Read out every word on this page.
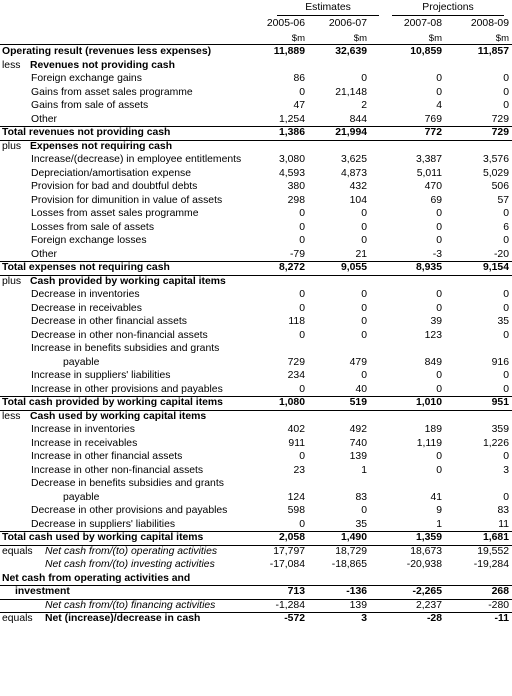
Estimates	Projections
2005-06	2006-07	2007-08	2008-09
$m	$m	$m	$m
Operating result (revenues less expenses)	11,889	32,639	10,859	11,857
less Revenues not providing cash
Foreign exchange gains	86	0	0	0
Gains from asset sales programme	0	21,148	0	0
Gains from sale of assets	47	2	4	0
Other	1,254	844	769	729
Total revenues not providing cash	1,386	21,994	772	729
plus Expenses not requiring cash
Increase/(decrease) in employee entitlements	3,080	3,625	3,387	3,576
Depreciation/amortisation expense	4,593	4,873	5,011	5,029
Provision for bad and doubtful debts	380	432	470	506
Provision for dimunition in value of assets	298	104	69	57
Losses from asset sales programme	0	0	0	0
Losses from sale of assets	0	0	0	6
Foreign exchange losses	0	0	0	0
Other	-79	21	-3	-20
Total expenses not requiring cash	8,272	9,055	8,935	9,154
plus Cash provided by working capital items
Decrease in inventories	0	0	0	0
Decrease in receivables	0	0	0	0
Decrease in other financial assets	118	0	39	35
Decrease in other non-financial assets	0	0	123	0
Increase in benefits subsidies and grants
payable	729	479	849	916
Increase in suppliers' liabilities	234	0	0	0
Increase in other provisions and payables	0	40	0	0
Total cash provided by working capital items	1,080	519	1,010	951
less Cash used by working capital items
Increase in inventories	402	492	189	359
Increase in receivables	911	740	1,119	1,226
Increase in other financial assets	0	139	0	0
Increase in other non-financial assets	23	1	0	3
Decrease in benefits subsidies and grants
payable	124	83	41	0
Decrease in other provisions and payables	598	0	9	83
Decrease in suppliers' liabilities	0	35	1	11
Total cash used by working capital items	2,058	1,490	1,359	1,681
equals Net cash from/(to) operating activities	17,797	18,729	18,673	19,552
Net cash from/(to) investing activities	-17,084	-18,865	-20,938	-19,284
Net cash from operating activities and
investment	713	-136	-2,265	268
Net cash from/(to) financing activities	-1,284	139	2,237	-280
equals Net (increase)/decrease in cash	-572	3	-28	-11
